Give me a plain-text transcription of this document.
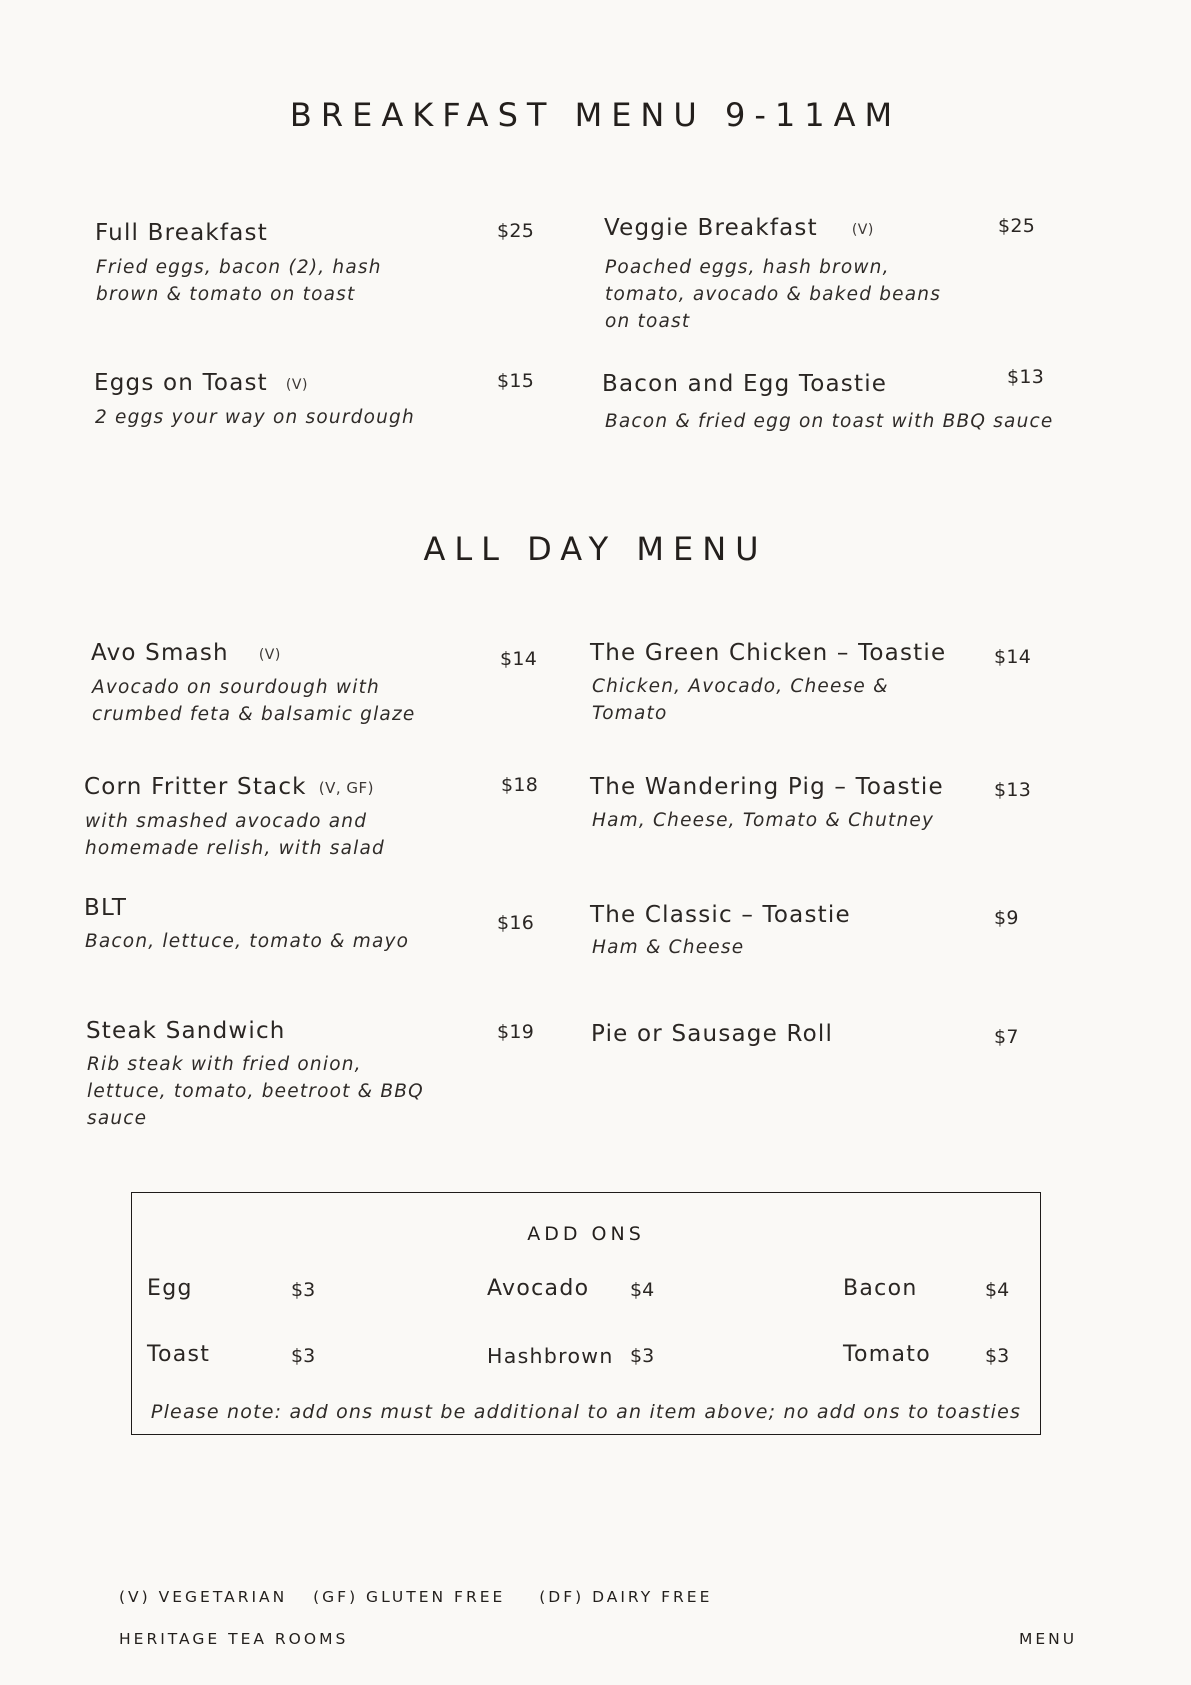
BREAKFAST MENU 9-11AM
Full Breakfast	$25
Fried eggs, bacon (2), hash brown & tomato on toast
Veggie Breakfast (V)	$25
Poached eggs, hash brown, tomato, avocado & baked beans on toast
Eggs on Toast (V)	$15
2 eggs your way on sourdough
Bacon and Egg Toastie	$13
Bacon & fried egg on toast with BBQ sauce
ALL DAY MENU
Avo Smash (V)	$14
Avocado on sourdough with crumbed feta & balsamic glaze
The Green Chicken – Toastie	$14
Chicken, Avocado, Cheese & Tomato
Corn Fritter Stack (V, GF)	$18
with smashed avocado and homemade relish, with salad
The Wandering Pig – Toastie	$13
Ham, Cheese, Tomato & Chutney
BLT
$16
Bacon, lettuce, tomato & mayo
The Classic – Toastie	$9
Ham & Cheese
Steak Sandwich	$19
Rib steak with fried onion, lettuce, tomato, beetroot & BBQ sauce
Pie or Sausage Roll	$7
ADD ONS
Egg	$3	Avocado $4	Bacon	$4
Toast	$3	Hashbrown $3	Tomato	$3
Please note: add ons must be additional to an item above; no add ons to toasties
(V) VEGETARIAN (GF) GLUTEN FREE (DF) DAIRY FREE
HERITAGE TEA ROOMS	MENU
